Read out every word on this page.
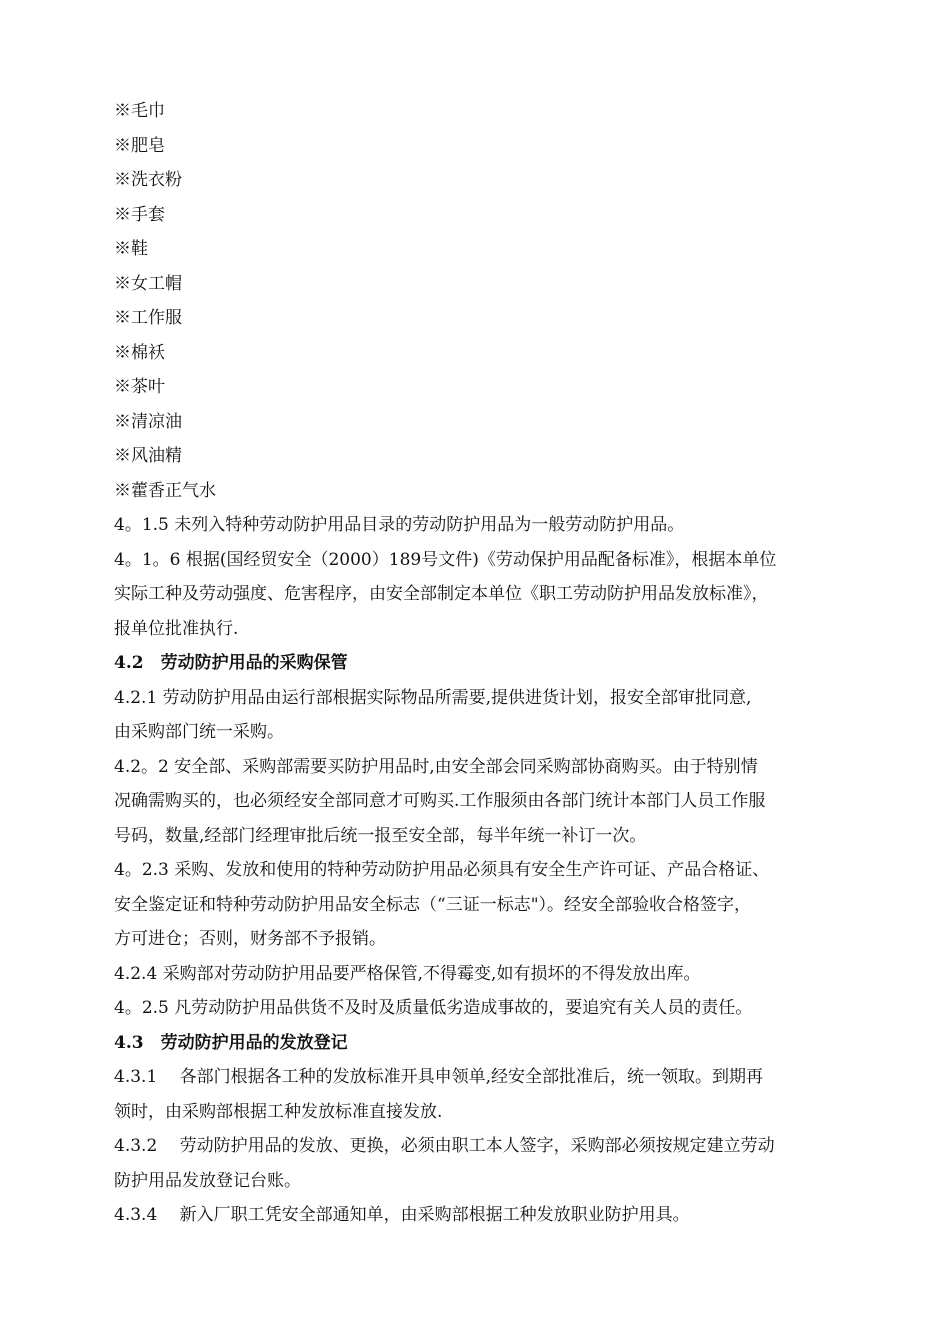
※毛巾
※肥皂
※洗衣粉
※手套
※鞋
※女工帽
※工作服
※棉袄
※茶叶
※清凉油
※风油精
※藿香正气水
4。1.5 未列入特种劳动防护用品目录的劳动防护用品为一般劳动防护用品。
4。1。6 根据(国经贸安全（2000）189号文件)《劳动保护用品配备标准》，根据本单位
实际工种及劳动强度、危害程序，由安全部制定本单位《职工劳动防护用品发放标准》，
报单位批准执行.
4.2　劳动防护用品的采购保管
4.2.1 劳动防护用品由运行部根据实际物品所需要,提供进货计划，报安全部审批同意,
由采购部门统一采购。
4.2。2 安全部、采购部需要买防护用品时,由安全部会同采购部协商购买。由于特别情
况确需购买的，也必须经安全部同意才可购买.工作服须由各部门统计本部门人员工作服
号码，数量,经部门经理审批后统一报至安全部，每半年统一补订一次。
4。2.3 采购、发放和使用的特种劳动防护用品必须具有安全生产许可证、产品合格证、
安全鉴定证和特种劳动防护用品安全标志（“三证一标志"）。经安全部验收合格签字，
方可进仓；否则，财务部不予报销。
4.2.4 采购部对劳动防护用品要严格保管,不得霉变,如有损坏的不得发放出库。
4。2.5 凡劳动防护用品供货不及时及质量低劣造成事故的，要追究有关人员的责任。
4.3　劳动防护用品的发放登记
4.3.1　 各部门根据各工种的发放标准开具申领单,经安全部批准后，统一领取。到期再
领时，由采购部根据工种发放标准直接发放.
4.3.2　 劳动防护用品的发放、更换，必须由职工本人签字，采购部必须按规定建立劳动
防护用品发放登记台账。
4.3.4　 新入厂职工凭安全部通知单，由采购部根据工种发放职业防护用具。
